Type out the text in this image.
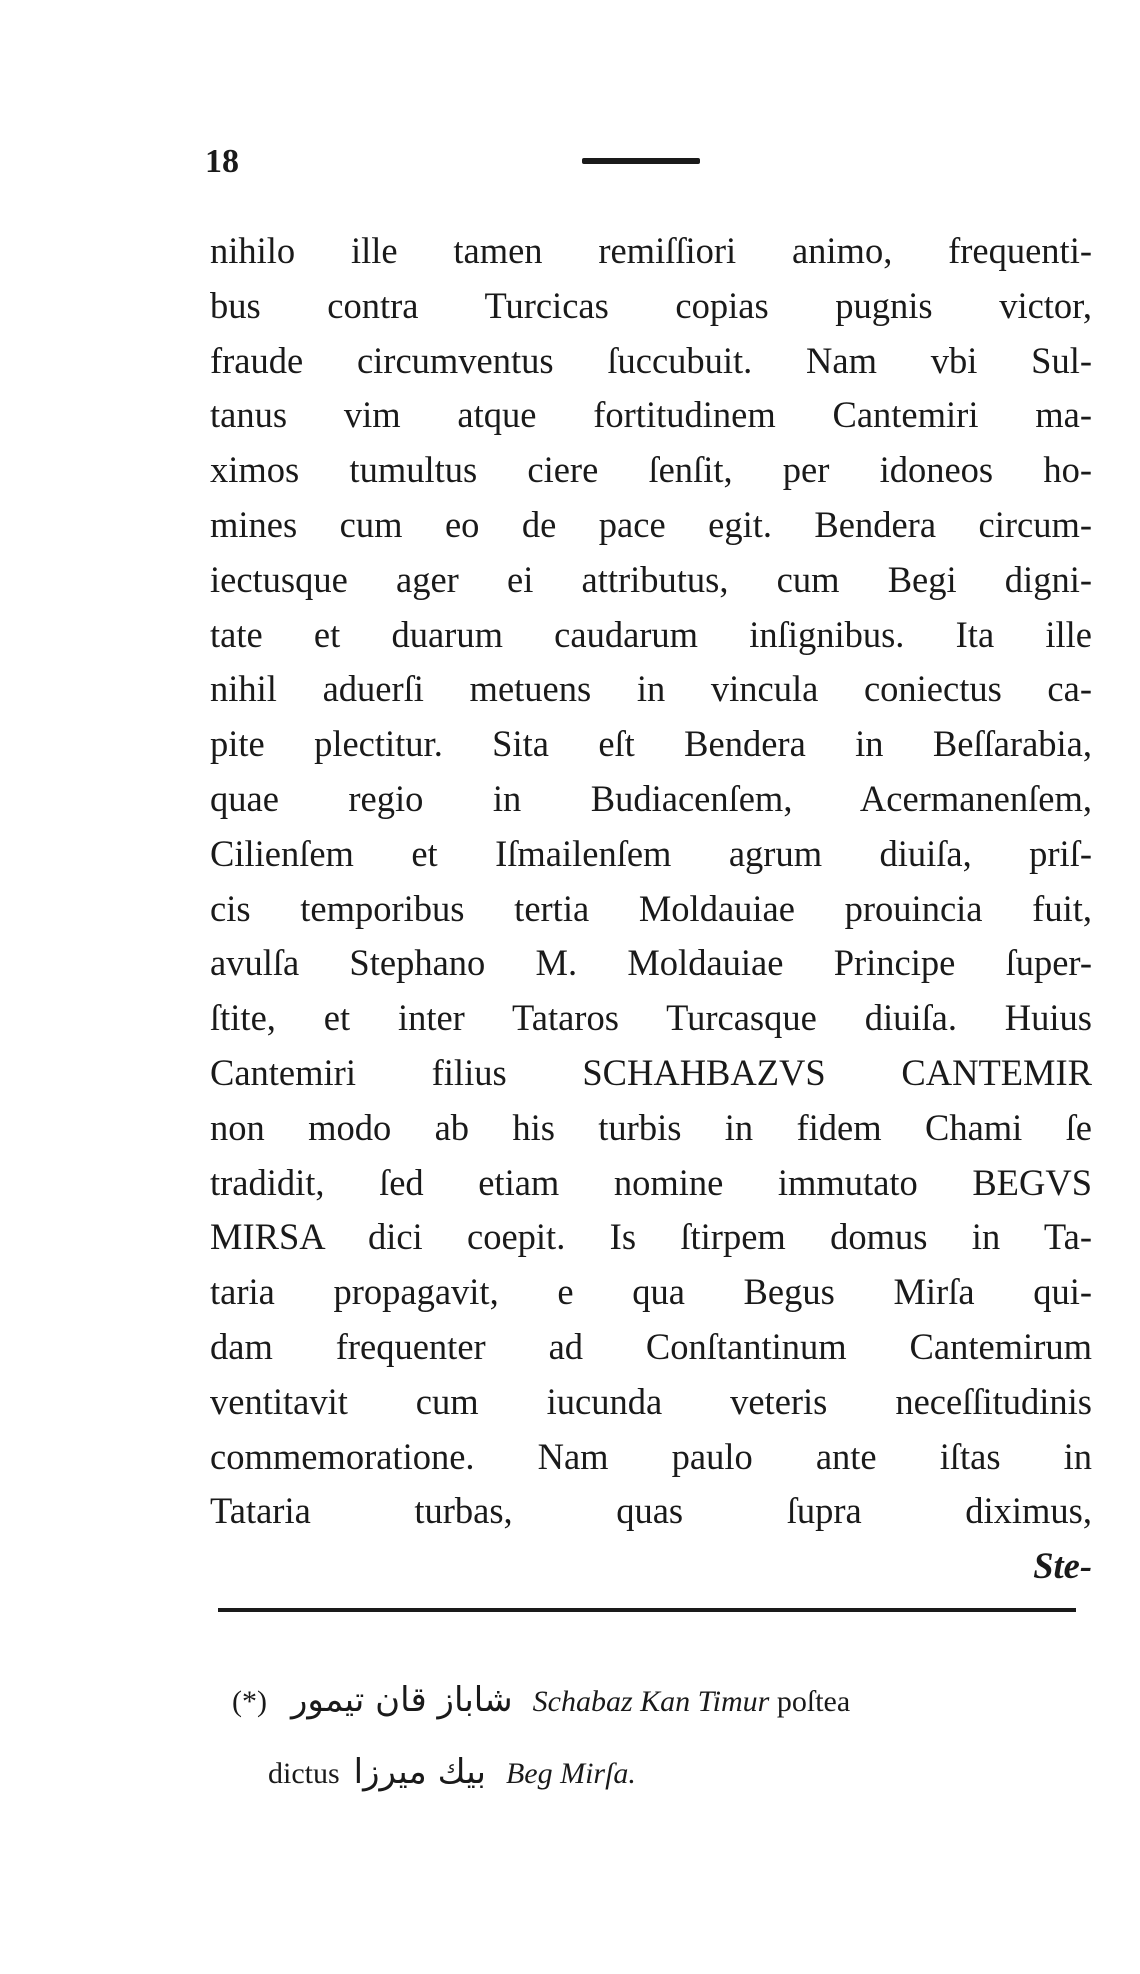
18
nihilo ille tamen remiſſiori animo, frequenti-
bus contra Turcicas copias pugnis victor,
fraude circumventus ſuccubuit. Nam vbi Sul-
tanus vim atque fortitudinem Cantemiri ma-
ximos tumultus ciere ſenſit, per idoneos ho-
mines cum eo de pace egit. Bendera circum-
iectusque ager ei attributus, cum Begi digni-
tate et duarum caudarum inſignibus. Ita ille
nihil aduerſi metuens in vincula coniectus ca-
pite plectitur. Sita eſt Bendera in Beſſarabia,
quae regio in Budiacenſem, Acermanenſem,
Cilienſem et Iſmailenſem agrum diuiſa, priſ-
cis temporibus tertia Moldauiae prouincia fuit,
avulſa Stephano M. Moldauiae Principe ſuper-
ſtite, et inter Tataros Turcasque diuiſa. Huius
Cantemiri filius SCHAHBAZVS CANTEMIR
non modo ab his turbis in fidem Chami ſe
tradidit, ſed etiam nomine immutato BEGVS
MIRSA dici coepit. Is ſtirpem domus in Ta-
taria propagavit, e qua Begus Mirſa qui-
dam frequenter ad Conſtantinum Cantemirum
ventitavit cum iucunda veteris neceſſitudinis
commemoratione. Nam paulo ante iſtas in
Tataria turbas, quas ſupra diximus,
Ste-
(*) شاباز قان تيمور Schabaz Kan Timur poſtea
dictus بيك ميرزا Beg Mirſa.
